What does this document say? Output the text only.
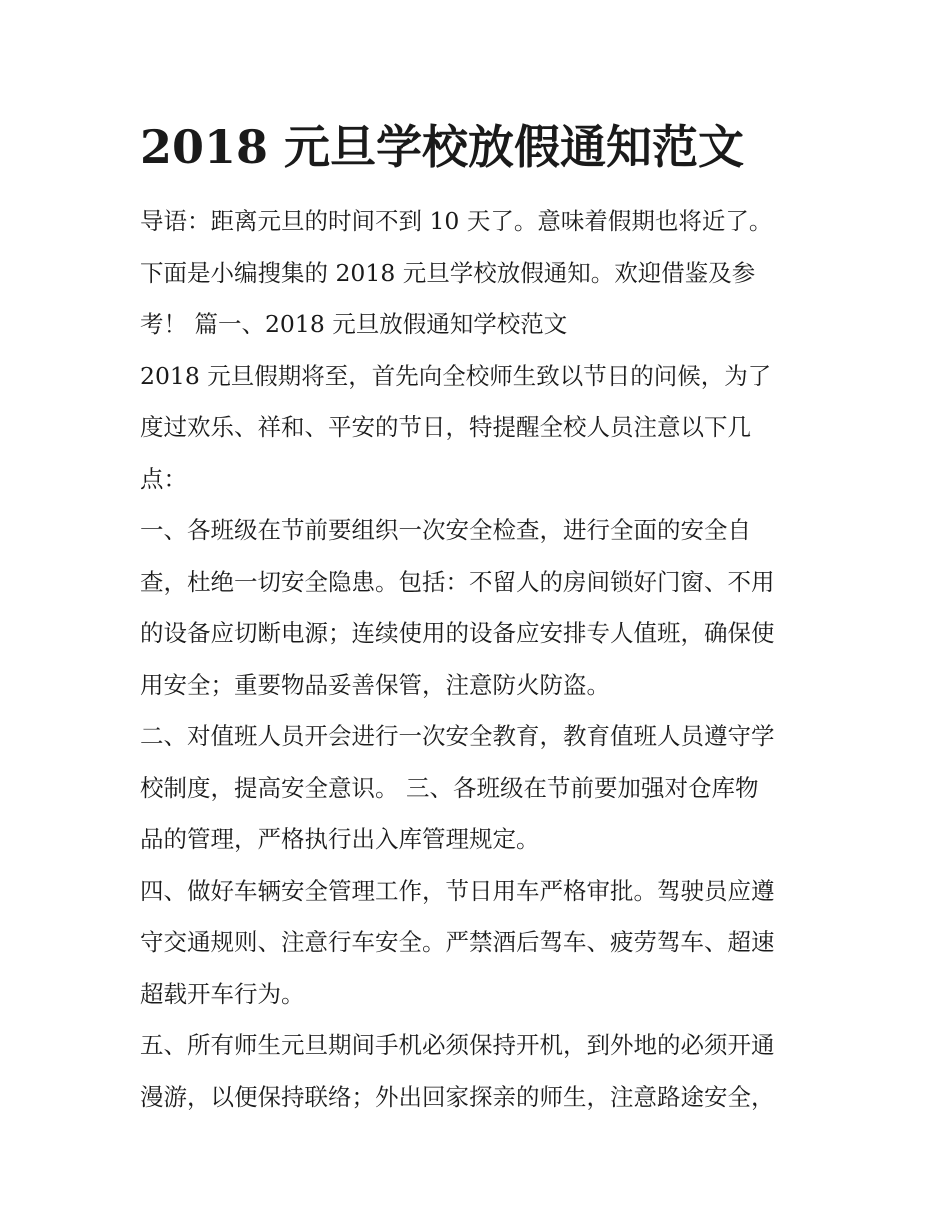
2018 元旦学校放假通知范文

导语：距离元旦的时间不到 10 天了。意味着假期也将近了。

下面是小编搜集的 2018 元旦学校放假通知。欢迎借鉴及参

考！ 篇一、2018 元旦放假通知学校范文

2018 元旦假期将至，首先向全校师生致以节日的问候，为了

度过欢乐、祥和、平安的节日，特提醒全校人员注意以下几

点：

一、各班级在节前要组织一次安全检查，进行全面的安全自

查，杜绝一切安全隐患。包括：不留人的房间锁好门窗、不用

的设备应切断电源；连续使用的设备应安排专人值班，确保使

用安全；重要物品妥善保管，注意防火防盗。

二、对值班人员开会进行一次安全教育，教育值班人员遵守学

校制度，提高安全意识。 三、各班级在节前要加强对仓库物

品的管理，严格执行出入库管理规定。

四、做好车辆安全管理工作，节日用车严格审批。驾驶员应遵

守交通规则、注意行车安全。严禁酒后驾车、疲劳驾车、超速

超载开车行为。

五、所有师生元旦期间手机必须保持开机，到外地的必须开通

漫游，以便保持联络；外出回家探亲的师生，注意路途安全，
